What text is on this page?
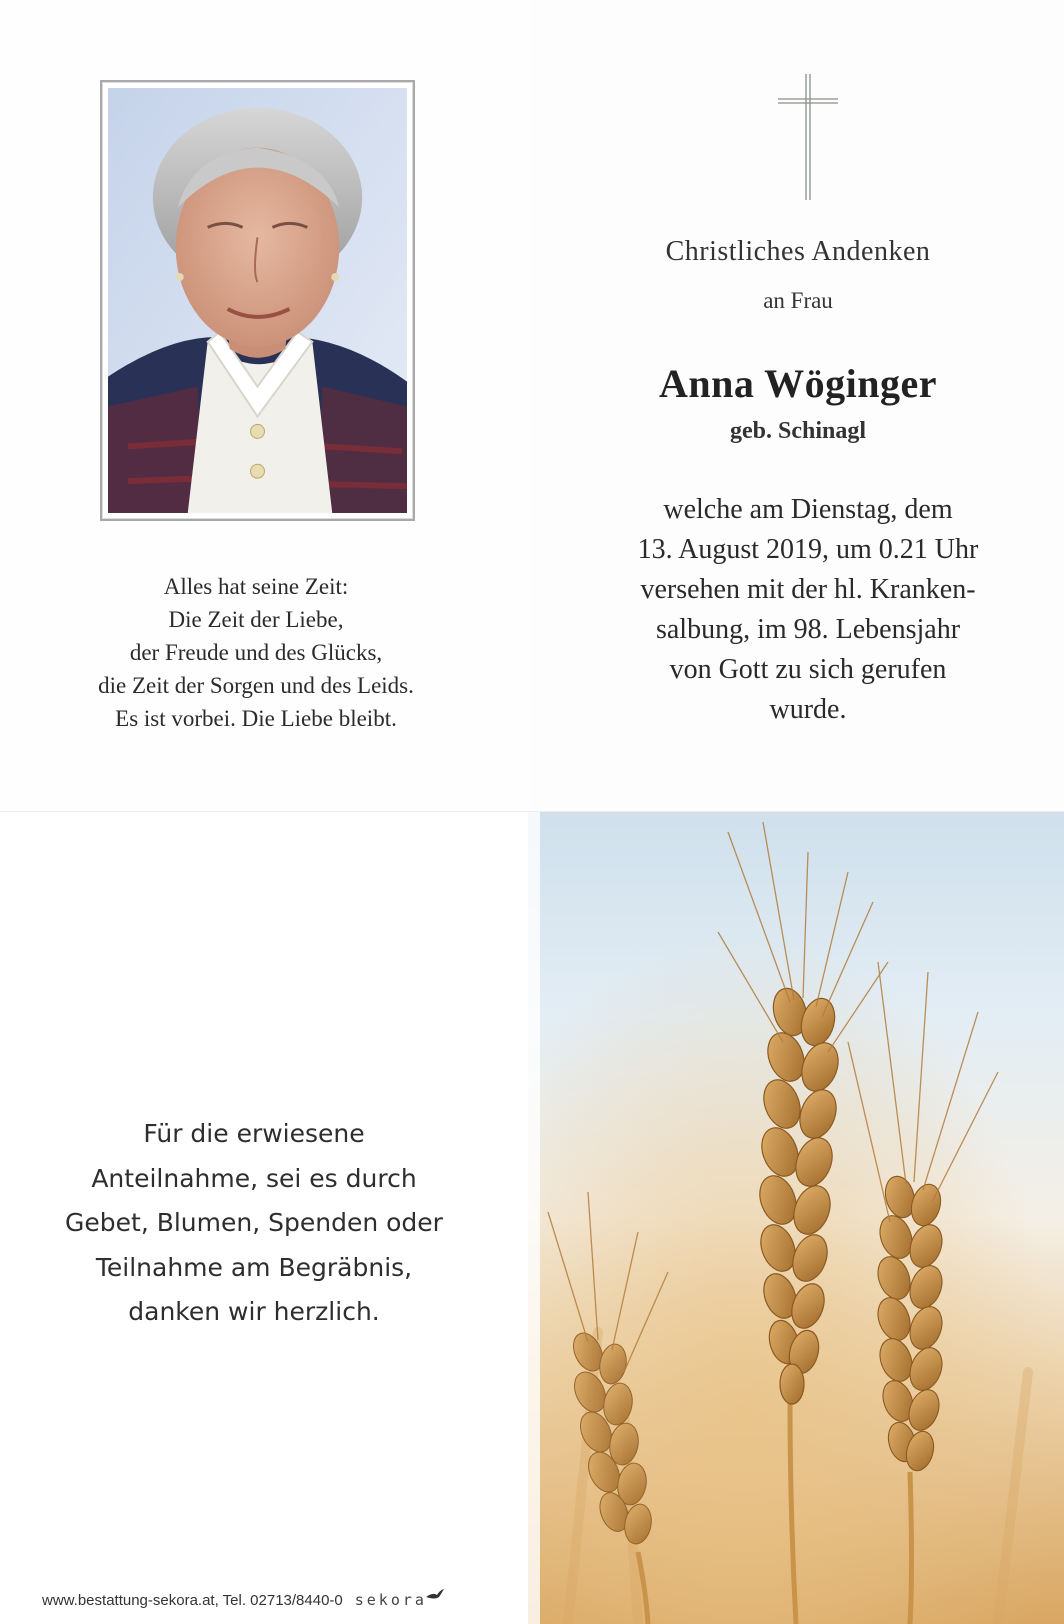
Alles hat seine Zeit:
Die Zeit der Liebe,
der Freude und des Glücks,
die Zeit der Sorgen und des Leids.
Es ist vorbei. Die Liebe bleibt.
Christliches Andenken
an Frau
Anna Wöginger
geb. Schinagl
welche am Dienstag, dem
13. August 2019, um 0.21 Uhr
versehen mit der hl. Kranken-
salbung, im 98. Lebensjahr
von Gott zu sich gerufen
wurde.
Für die erwiesene
Anteilnahme, sei es durch
Gebet, Blumen, Spenden oder
Teilnahme am Begräbnis,
danken wir herzlich.
www.bestattung-sekora.at, Tel. 02713/8440-0 sekora
